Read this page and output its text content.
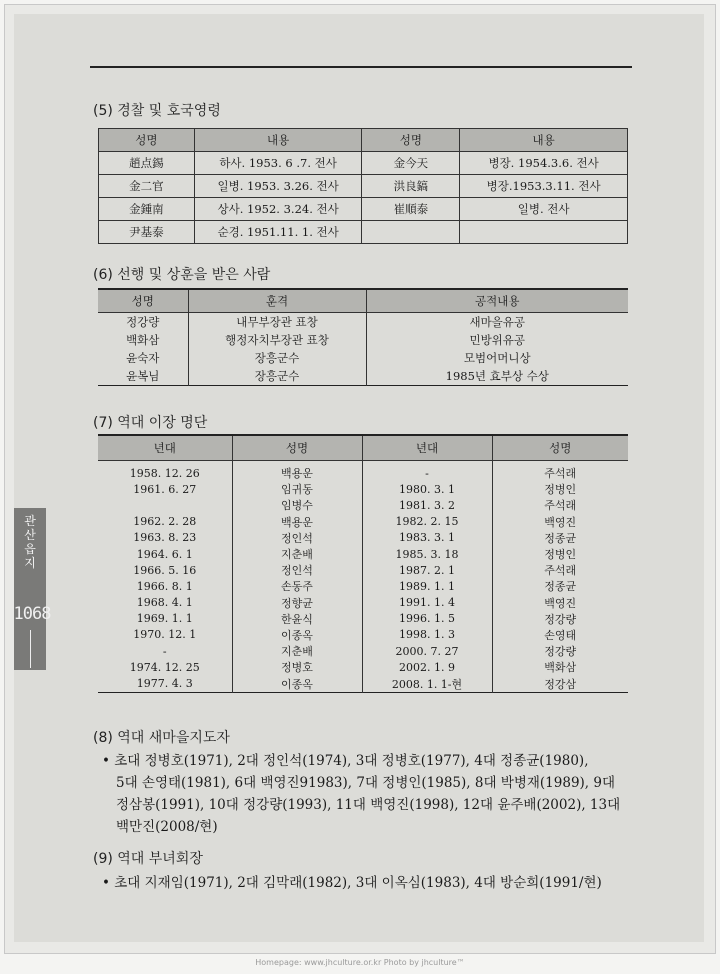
(5) 경찰 및 호국영령
성명	내용	성명	내용
趙点錫	하사. 1953. 6 .7. 전사	金今天	병장. 1954.3.6. 전사
金二官	일병. 1953. 3.26. 전사	洪良鎬	병장.1953.3.11. 전사
金鍾南	상사. 1952. 3.24. 전사	崔順泰	일병. 전사
尹基泰	순경. 1951.11. 1. 전사		
(6) 선행 및 상훈을 받은 사람
성명	훈격	공적내용
정강량	내무부장관 표창	새마을유공
백화삼	행정자치부장관 표창	민방위유공
윤숙자	장흥군수	모범어머니상
윤복님	장흥군수	1985년 효부상 수상
(7) 역대 이장 명단
년대	성명	년대	성명
1958. 12. 26	백용운	-	주석래
1961. 6. 27	임귀동	1980. 3. 1	정병인
	임병수	1981. 3. 2	주석래
1962. 2. 28	백용운	1982. 2. 15	백영진
1963. 8. 23	정인석	1983. 3. 1	정종균
1964. 6. 1	지춘배	1985. 3. 18	정병인
1966. 5. 16	정인석	1987. 2. 1	주석래
1966. 8. 1	손동주	1989. 1. 1	정종균
1968. 4. 1	정향균	1991. 1. 4	백영진
1969. 1. 1	한윤식	1996. 1. 5	정강량
1970. 12. 1	이종옥	1998. 1. 3	손영태
-	지춘배	2000. 7. 27	정강량
1974. 12. 25	정병호	2002. 1. 9	백화삼
1977. 4. 3	이종옥	2008. 1. 1-현	정강삼
(8) 역대 새마을지도자
• 초대 정병호(1971), 2대 정인석(1974), 3대 정병호(1977), 4대 정종균(1980),
5대 손영태(1981), 6대 백영진91983), 7대 정병인(1985), 8대 박병재(1989), 9대
정삼봉(1991), 10대 정강량(1993), 11대 백영진(1998), 12대 윤주배(2002), 13대
백만진(2008/현)
(9) 역대 부녀회장
• 초대 지재임(1971), 2대 김막래(1982), 3대 이옥심(1983), 4대 방순희(1991/현)
관산읍지
1068
Homepage: www.jhculture.or.kr Photo by jhculture™
